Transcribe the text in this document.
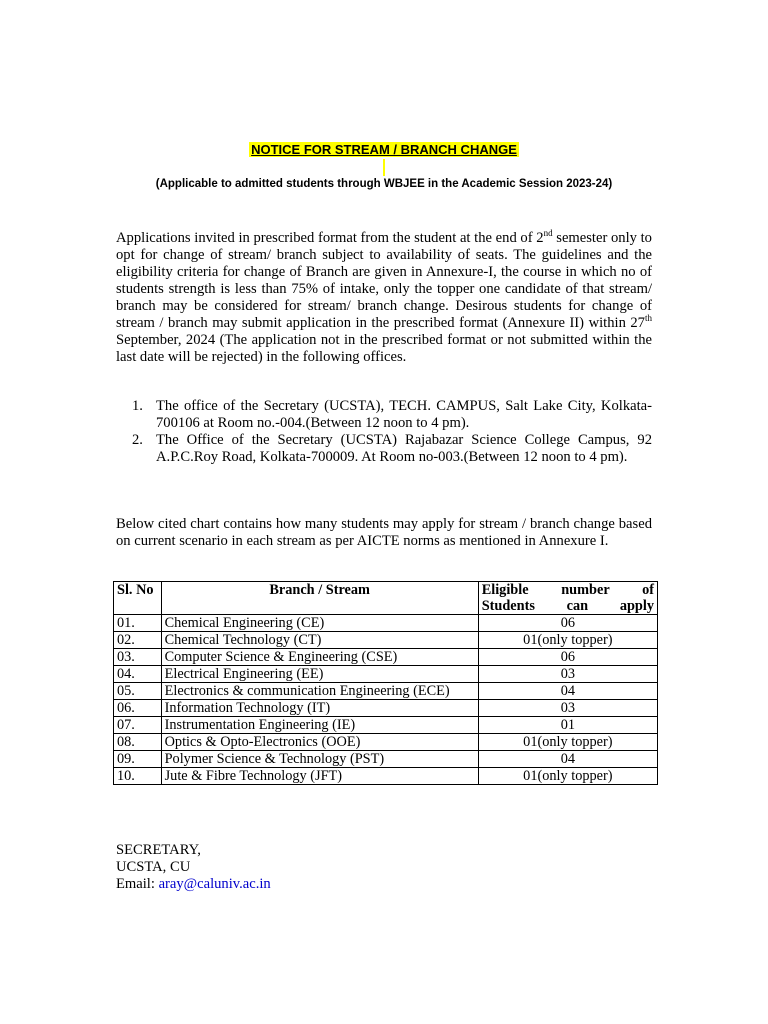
NOTICE FOR STREAM / BRANCH CHANGE
(Applicable to admitted students through WBJEE in the Academic Session 2023-24)
Applications invited in prescribed format from the student at the end of 2nd semester only to opt for change of stream/ branch subject to availability of seats. The guidelines and the eligibility criteria for change of Branch are given in Annexure-I, the course in which no of students strength is less than 75% of intake, only the topper one candidate of that stream/ branch may be considered for stream/ branch change. Desirous students for change of stream / branch may submit application in the prescribed format (Annexure II) within 27th September, 2024 (The application not in the prescribed format or not submitted within the last date will be rejected) in the following offices.
1. The office of the Secretary (UCSTA), TECH. CAMPUS, Salt Lake City, Kolkata-700106 at Room no.-004.(Between 12 noon to 4 pm).
2. The Office of the Secretary (UCSTA) Rajabazar Science College Campus, 92 A.P.C.Roy Road, Kolkata-700009. At Room no-003.(Between 12 noon to 4 pm).
Below cited chart contains how many students may apply for stream / branch change based on current scenario in each stream as per AICTE norms as mentioned in Annexure I.
Sl. No	Branch / Stream	Eligible number of
Students can apply

01.	Chemical Engineering (CE)	06
02.	Chemical Technology (CT)	01(only topper)
03.	Computer Science & Engineering (CSE)	06
04.	Electrical Engineering (EE)	03
05.	Electronics & communication Engineering (ECE)	04
06.	Information Technology (IT)	03
07.	Instrumentation Engineering (IE)	01
08.	Optics & Opto-Electronics (OOE)	01(only topper)
09.	Polymer Science & Technology (PST)	04
10.	Jute & Fibre Technology (JFT)	01(only topper)
SECRETARY,
UCSTA, CU
Email: aray@caluniv.ac.in
